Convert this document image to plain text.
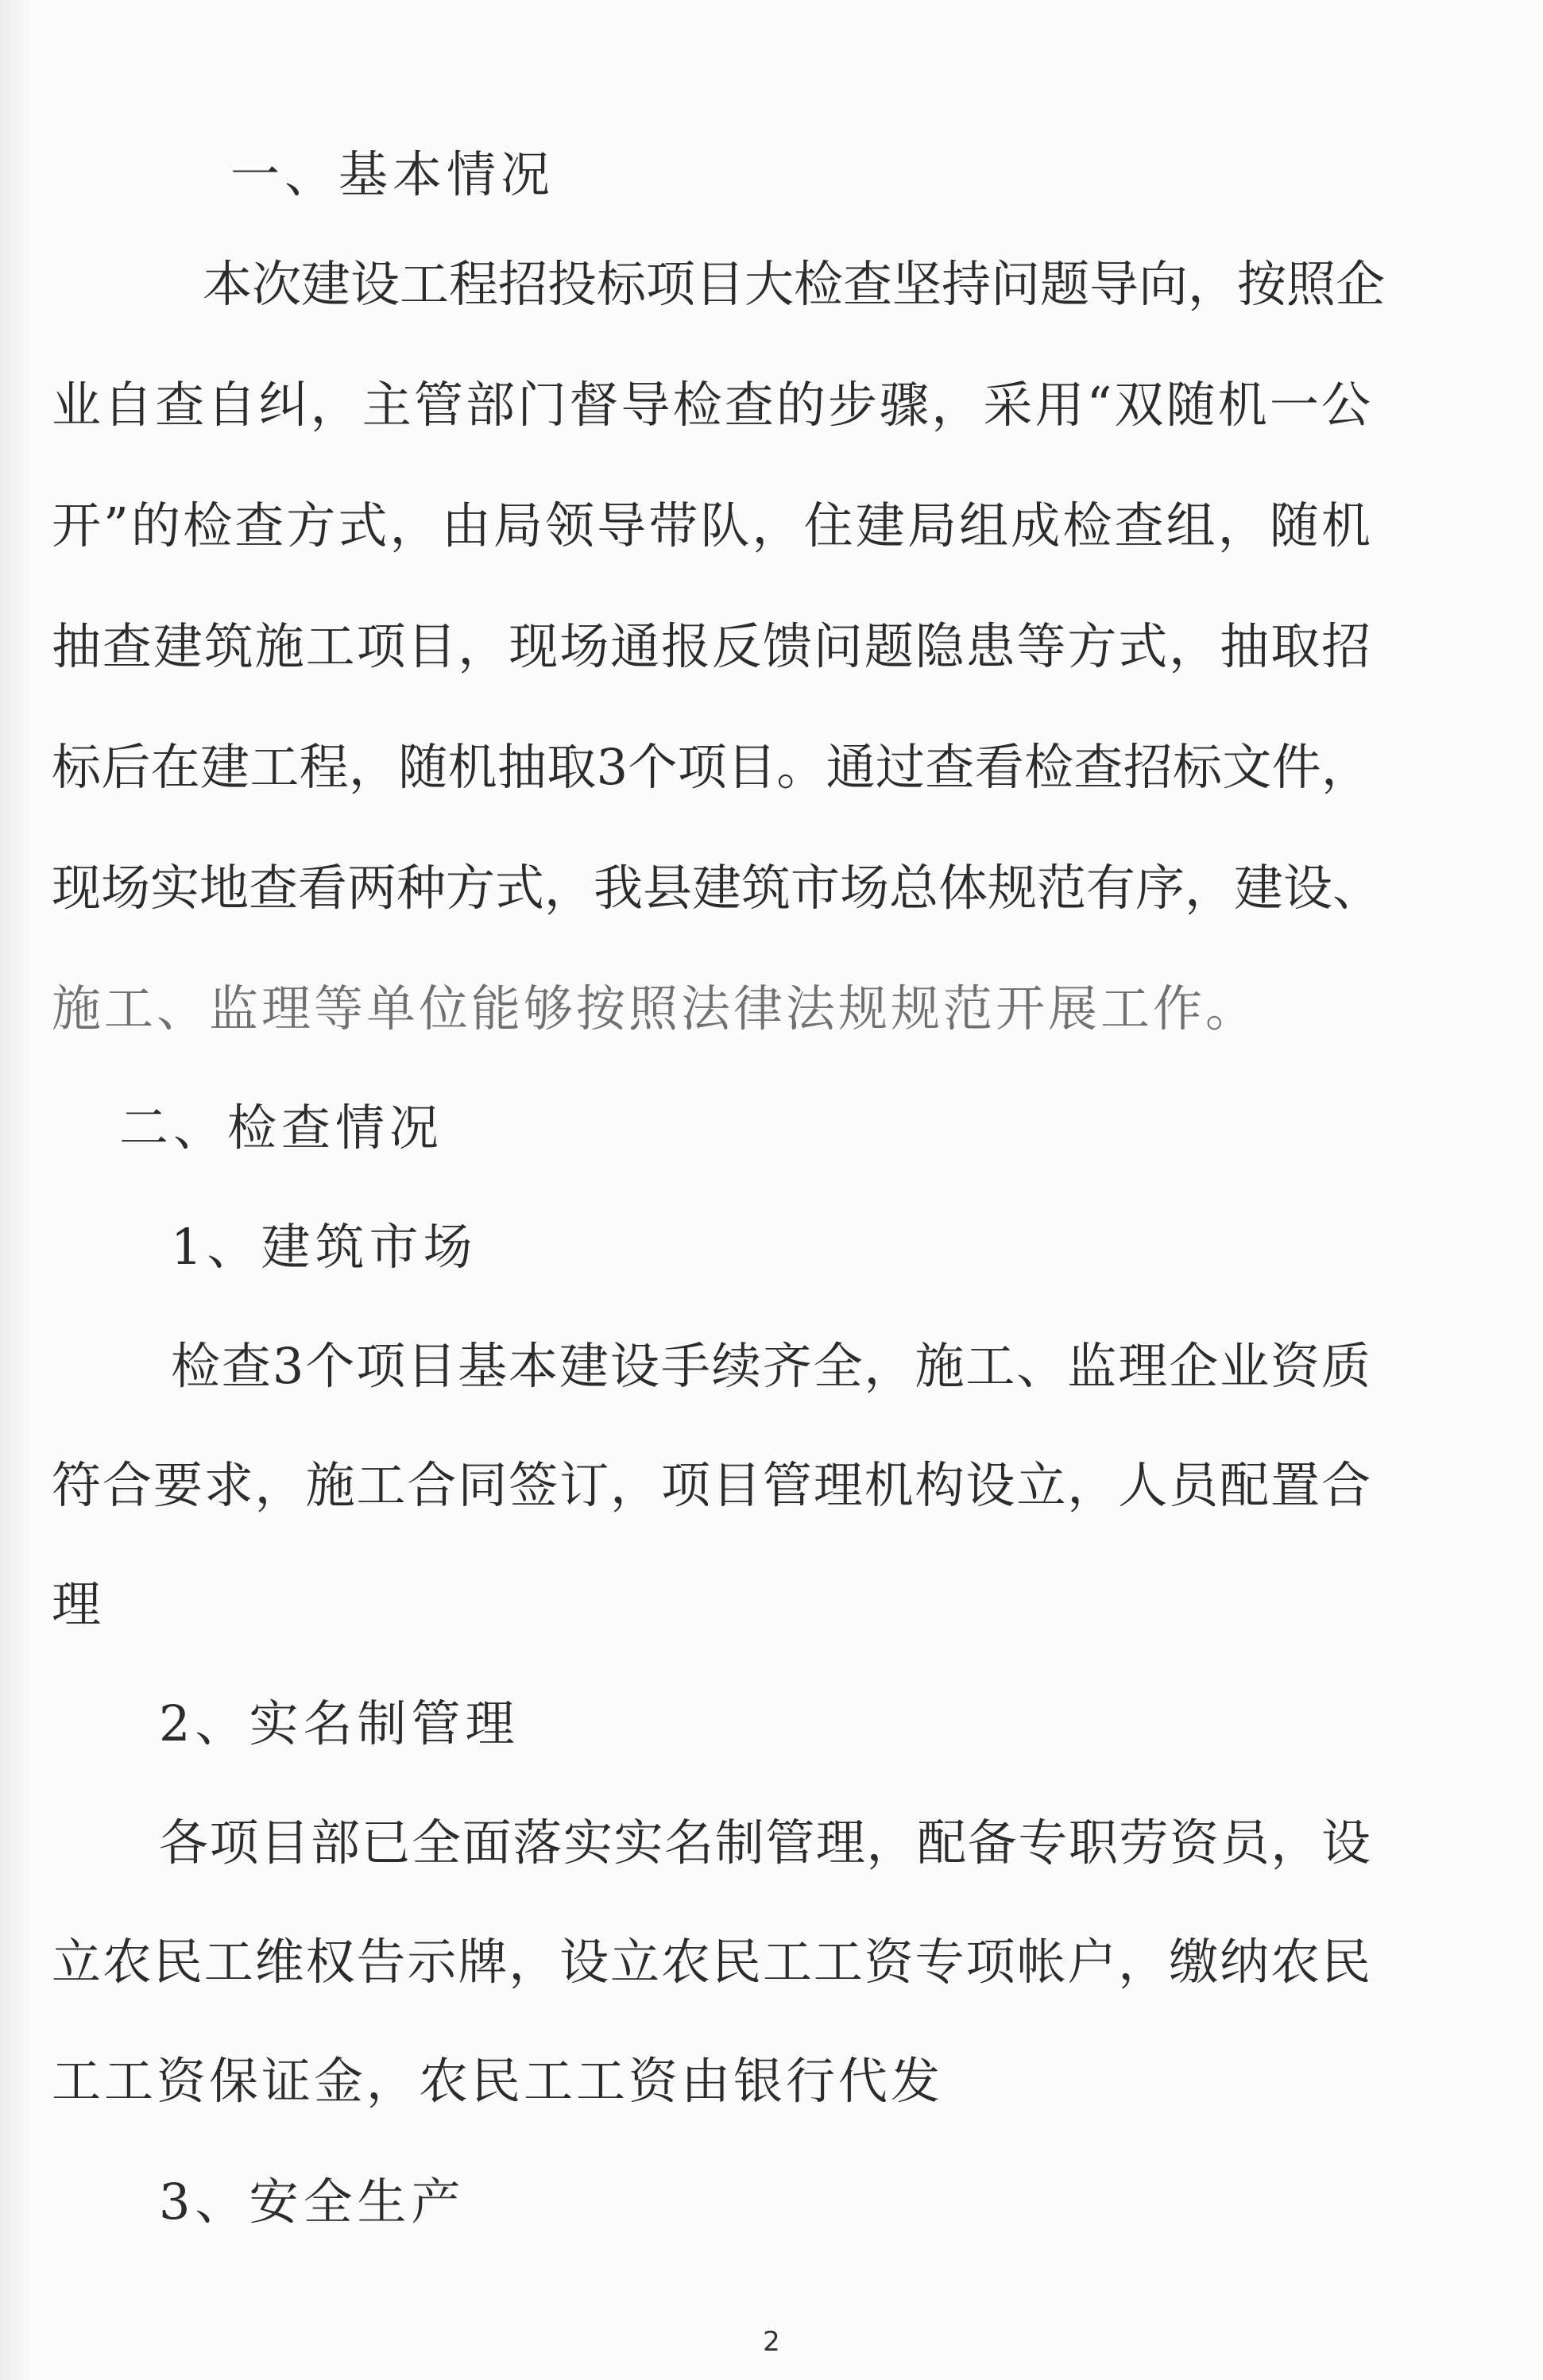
一、基本情况
本次建设工程招投标项目大检查坚持问题导向，按照企
业自查自纠，主管部门督导检查的步骤，采用“双随机一公
开”的检查方式，由局领导带队，住建局组成检查组，随机
抽查建筑施工项目，现场通报反馈问题隐患等方式，抽取招
标后在建工程，随机抽取3个项目。通过查看检查招标文件，
现场实地查看两种方式，我县建筑市场总体规范有序，建设、
施工、监理等单位能够按照法律法规规范开展工作。
二、检查情况
1、建筑市场
检查3个项目基本建设手续齐全，施工、监理企业资质
符合要求，施工合同签订，项目管理机构设立，人员配置合
理
2、实名制管理
各项目部已全面落实实名制管理，配备专职劳资员，设
立农民工维权告示牌，设立农民工工资专项帐户，缴纳农民
工工资保证金，农民工工资由银行代发
3、安全生产
2
